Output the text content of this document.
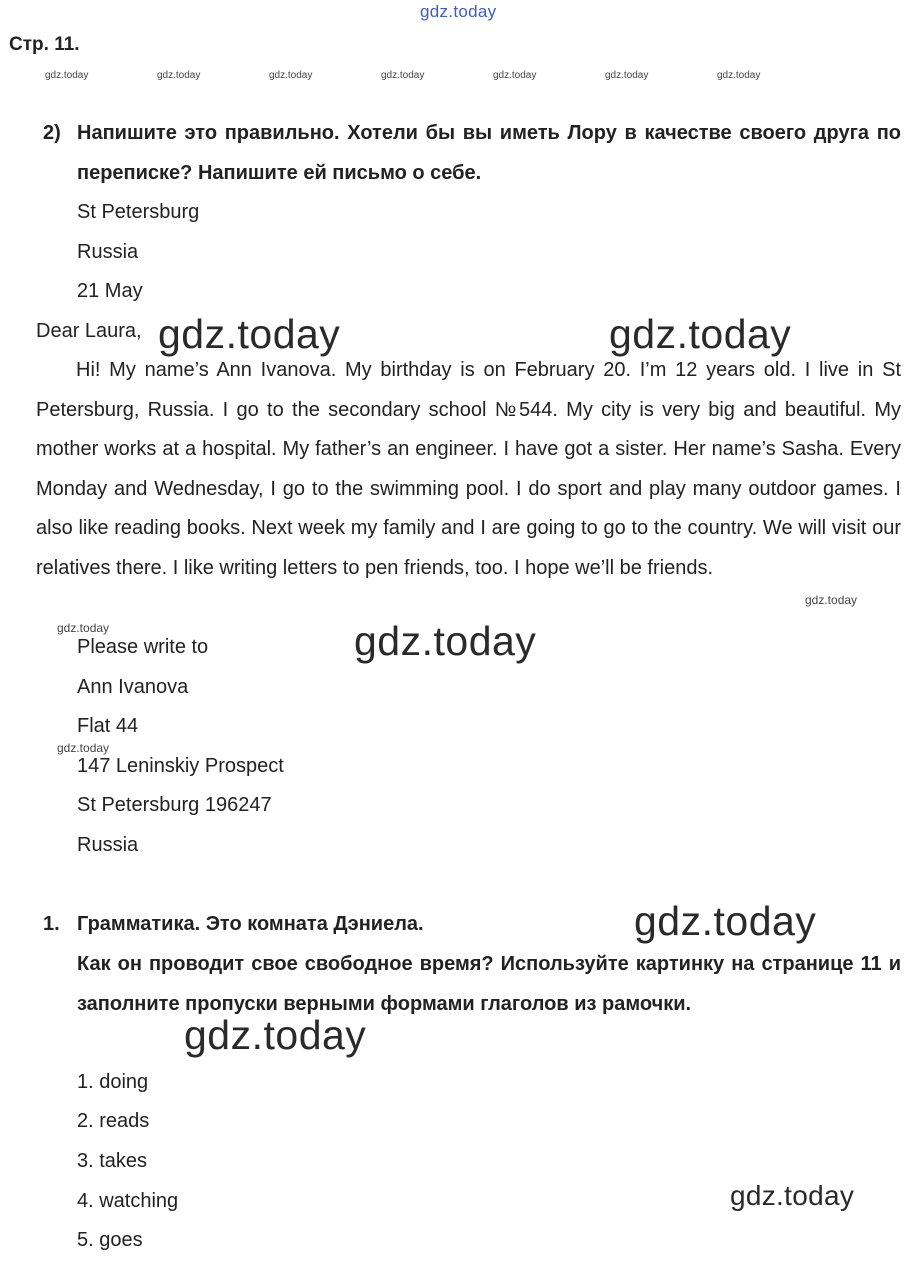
gdz.today
Стр. 11.
gdz.today	gdz.today	gdz.today	gdz.today	gdz.today	gdz.today	gdz.today
2) Напишите это правильно. Хотели бы вы иметь Лору в качестве своего друга по переписке? Напишите ей письмо о себе.
St Petersburg
Russia
21 May
Dear Laura,
Hi! My name’s Ann Ivanova. My birthday is on February 20. I’m 12 years old. I live in St Petersburg, Russia. I go to the secondary school №544. My city is very big and beautiful. My mother works at a hospital. My father’s an engineer. I have got a sister. Her name’s Sasha. Every Monday and Wednesday, I go to the swimming pool. I do sport and play many outdoor games. I also like reading books. Next week my family and I are going to go to the country. We will visit our relatives there. I like writing letters to pen friends, too. I hope we’ll be friends.
Please write to
Ann Ivanova
Flat 44
147 Leninskiy Prospect
St Petersburg 196247
Russia
1. Грамматика. Это комната Дэниела.
Как он проводит свое свободное время? Используйте картинку на странице 11 и заполните пропуски верными формами глаголов из рамочки.
1. doing
2. reads
3. takes
4. watching
5. goes
gdz.today	gdz.today
gdz.today
gdz.today
gdz.today
gdz.today
gdz.today
gdz.today
gdz.today
